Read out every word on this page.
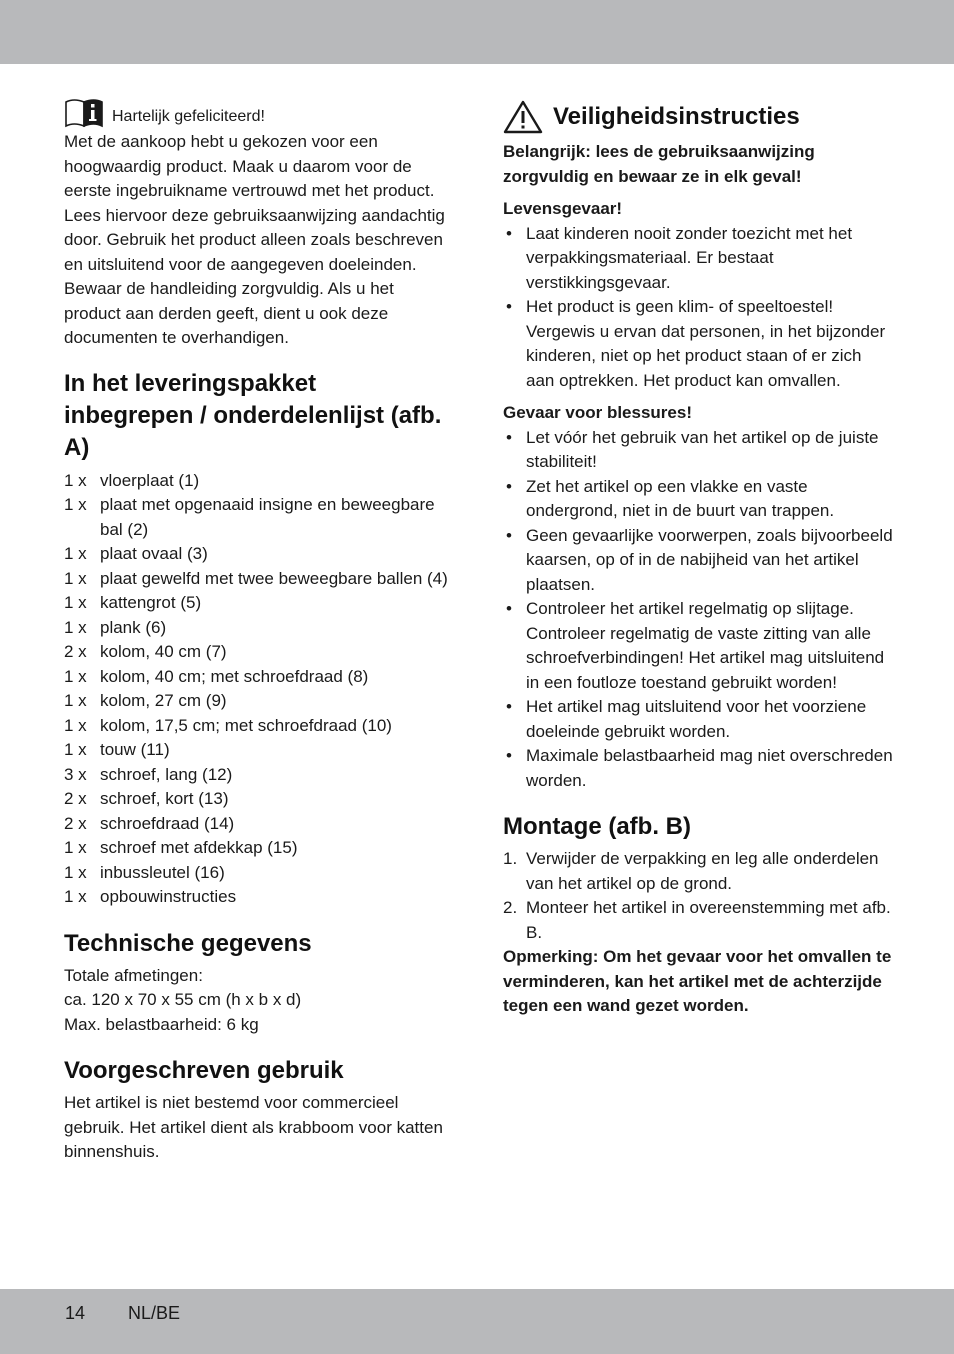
Hartelijk gefeliciteerd!

Met de aankoop hebt u gekozen voor een hoogwaardig product. Maak u daarom voor de eerste ingebruikname vertrouwd met het product. Lees hiervoor deze gebruiksaanwijzing aandachtig door. Gebruik het product alleen zoals beschreven en uitsluitend voor de aangegeven doeleinden. Bewaar de handleiding zorgvuldig. Als u het product aan derden geeft, dient u ook deze documenten te overhandigen.

In het leveringspakket inbegrepen / onderdelenlijst (afb. A)
1 x vloerplaat (1)
1 x plaat met opgenaaid insigne en beweegbare bal (2)
1 x plaat ovaal (3)
1 x plaat gewelfd met twee beweegbare ballen (4)
1 x kattengrot (5)
1 x plank (6)
2 x kolom, 40 cm (7)
1 x kolom, 40 cm; met schroefdraad (8)
1 x kolom, 27 cm (9)
1 x kolom, 17,5 cm; met schroefdraad (10)
1 x touw (11)
3 x schroef, lang (12)
2 x schroef, kort (13)
2 x schroefdraad (14)
1 x schroef met afdekkap (15)
1 x inbussleutel (16)
1 x opbouwinstructies
Technische gegevens

Totale afmetingen:

ca. 120 x 70 x 55 cm (h x b x d)

Max. belastbaarheid: 6 kg

Voorgeschreven gebruik

Het artikel is niet bestemd voor commercieel gebruik. Het artikel dient als krabboom voor katten binnenshuis.

Veiligheidsinstructies

Belangrijk: lees de gebruiksaanwijzing zorgvuldig en bewaar ze in elk geval!

Levensgevaar!

• Laat kinderen nooit zonder toezicht met het verpakkingsmateriaal. Er bestaat verstikkingsgevaar.
• Het product is geen klim- of speeltoestel! Vergewis u ervan dat personen, in het bijzonder kinderen, niet op het product staan of er zich aan optrekken. Het product kan omvallen.

Gevaar voor blessures!

• Let vóór het gebruik van het artikel op de juiste stabiliteit!
• Zet het artikel op een vlakke en vaste ondergrond, niet in de buurt van trappen.
• Geen gevaarlijke voorwerpen, zoals bijvoorbeeld kaarsen, op of in de nabijheid van het artikel plaatsen.
• Controleer het artikel regelmatig op slijtage. Controleer regelmatig de vaste zitting van alle schroefverbindingen! Het artikel mag uitsluitend in een foutloze toestand gebruikt worden!
• Het artikel mag uitsluitend voor het voorziene doeleinde gebruikt worden.
• Maximale belastbaarheid mag niet overschreden worden.
Montage (afb. B)
1. Verwijder de verpakking en leg alle onderdelen van het artikel op de grond.
2. Monteer het artikel in overeenstemming met afb. B.

Opmerking: Om het gevaar voor het omvallen te verminderen, kan het artikel met de achterzijde tegen een wand gezet worden.

14 NL/BE
